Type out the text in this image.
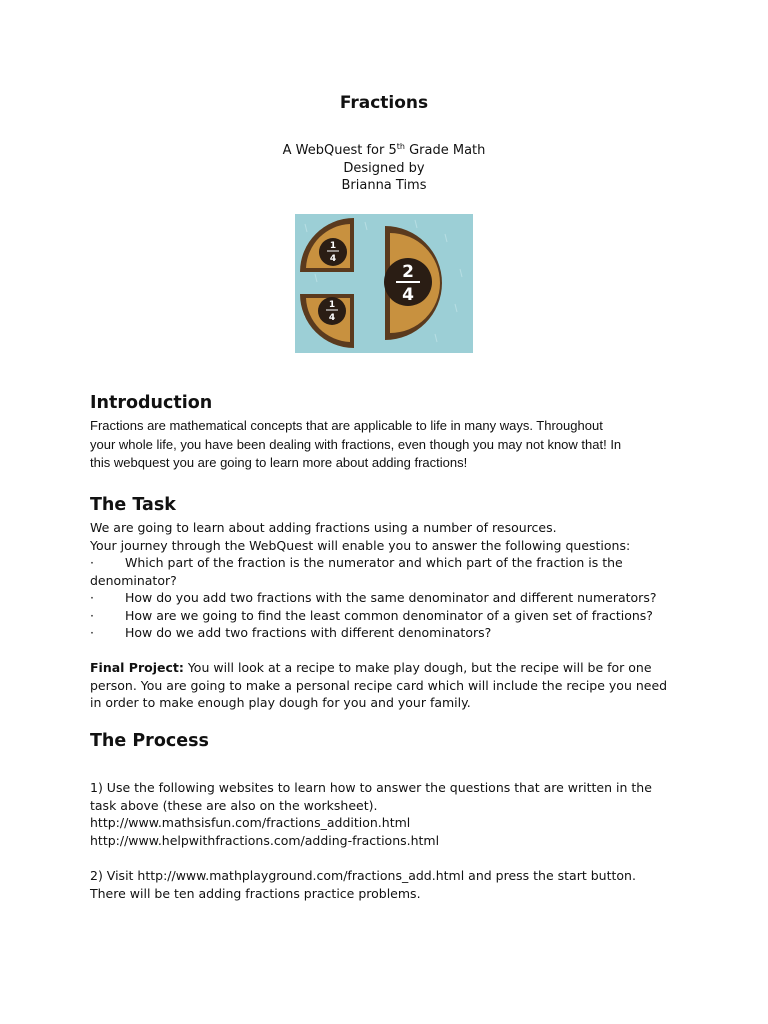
Fractions
A WebQuest for 5th Grade Math
Designed by
Brianna Tims
1
4
1
4
2
4
Introduction
Fractions are mathematical concepts that are applicable to life in many ways. Throughout
your whole life, you have been dealing with fractions, even though you may not know that! In
this webquest you are going to learn more about adding fractions!
The Task
We are going to learn about adding fractions using a number of resources.
Your journey through the WebQuest will enable you to answer the following questions:
· Which part of the fraction is the numerator and which part of the fraction is the denominator?
· How do you add two fractions with the same denominator and different numerators?
· How are we going to find the least common denominator of a given set of fractions?
· How do we add two fractions with different denominators?
Final Project: You will look at a recipe to make play dough, but the recipe will be for one
person. You are going to make a personal recipe card which will include the recipe you need
in order to make enough play dough for you and your family.
The Process
1) Use the following websites to learn how to answer the questions that are written in the
task above (these are also on the worksheet).
http://www.mathsisfun.com/fractions_addition.html
http://www.helpwithfractions.com/adding-fractions.html
2) Visit http://www.mathplayground.com/fractions_add.html and press the start button.
There will be ten adding fractions practice problems.
